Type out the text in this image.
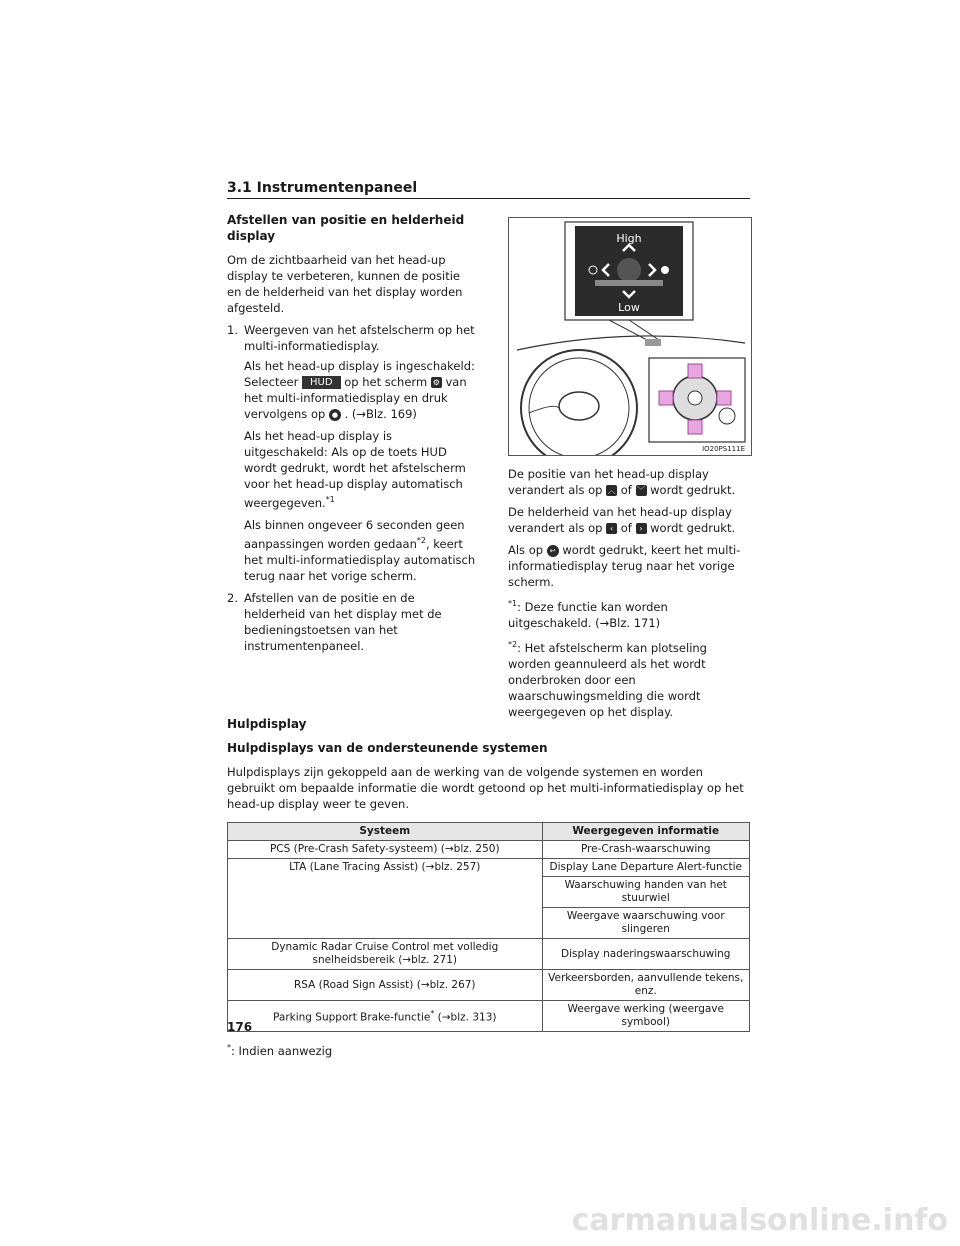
3.1 Instrumentenpaneel
Afstellen van positie en helderheid display

Om de zichtbaarheid van het head-up display te verbeteren, kunnen de positie en de helderheid van het display worden afgesteld.

1. Weergeven van het afstelscherm op het multi-informatiedisplay.

Als het head-up display is ingeschakeld: Selecteer HUD op het scherm ⚙ van het multi-informatiedisplay en druk vervolgens op ● . (→Blz. 169)

Als het head-up display is uitgeschakeld: Als op de toets HUD wordt gedrukt, wordt het afstelscherm voor het head-up display automatisch weergegeven.$^{*1}$

Als binnen ongeveer 6 seconden geen aanpassingen worden gedaan$^{*2}$, keert het multi-informatiedisplay automatisch terug naar het vorige scherm.

2. Afstellen van de positie en de helderheid van het display met de bedieningstoetsen van het instrumentenpaneel.
High
Low
IO20PS111E

De positie van het head-up display verandert als op ︿ of ﹀ wordt gedrukt.

De helderheid van het head-up display verandert als op ‹ of › wordt gedrukt.

Als op ↩ wordt gedrukt, keert het multi-informatiedisplay terug naar het vorige scherm.

$^{*1}$: Deze functie kan worden uitgeschakeld. (→Blz. 171)

$^{*2}$: Het afstelscherm kan plotseling worden geannuleerd als het wordt onderbroken door een waarschuwingsmelding die wordt weergegeven op het display.

Hulpdisplay
Hulpdisplays van de ondersteunende systemen

Hulpdisplays zijn gekoppeld aan de werking van de volgende systemen en worden gebruikt om bepaalde informatie die wordt getoond op het multi-informatiedisplay op het head-up display weer te geven.

Systeem	Weergegeven informatie
PCS (Pre-Crash Safety-systeem) (→blz. 250)	Pre-Crash-waarschuwing
LTA (Lane Tracing Assist) (→blz. 257)	Display Lane Departure Alert-functie
	Waarschuwing handen van het stuurwiel
	Weergave waarschuwing voor slingeren
Dynamic Radar Cruise Control met volledig snelheidsbereik (→blz. 271)	Display naderingswaarschuwing
RSA (Road Sign Assist) (→blz. 267)	Verkeersborden, aanvullende tekens, enz.
Parking Support Brake-functie* (→blz. 313)	Weergave werking (weergave symbool)
*: Indien aanwezig
176
carmanualsonline.info
